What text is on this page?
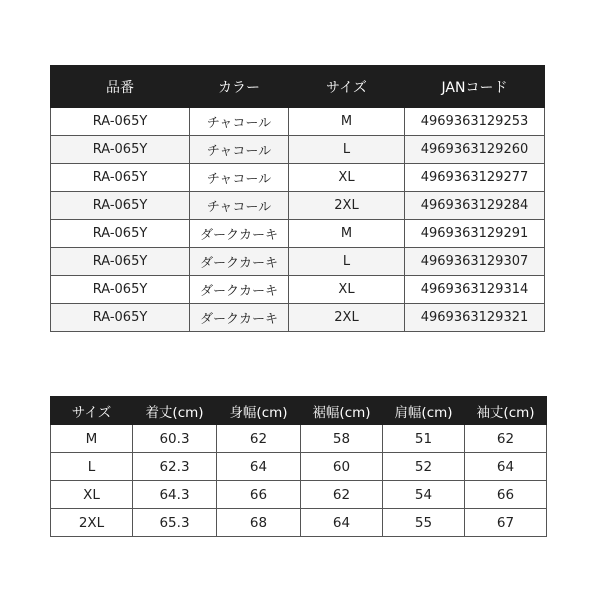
品番	カラー	サイズ	JANコード
RA-065Y	チャコール	M	4969363129253
RA-065Y	チャコール	L	4969363129260
RA-065Y	チャコール	XL	4969363129277
RA-065Y	チャコール	2XL	4969363129284
RA-065Y	ダークカーキ	M	4969363129291
RA-065Y	ダークカーキ	L	4969363129307
RA-065Y	ダークカーキ	XL	4969363129314
RA-065Y	ダークカーキ	2XL	4969363129321
サイズ	着丈(cm)	身幅(cm)	裾幅(cm)	肩幅(cm)	袖丈(cm)
M	60.3	62	58	51	62
L	62.3	64	60	52	64
XL	64.3	66	62	54	66
2XL	65.3	68	64	55	67
